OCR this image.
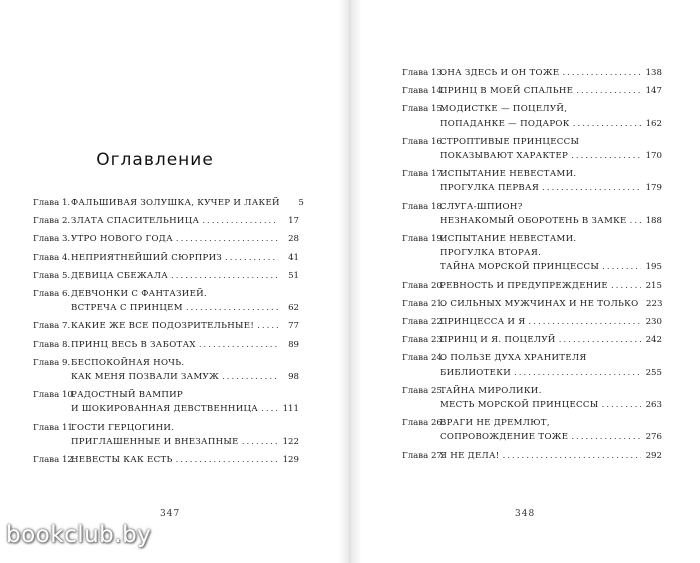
Оглавление
Глава 1. ФАЛЬШИВАЯ ЗОЛУШКА, КУЧЕР И ЛАКЕЙ	5
Глава 2. ЗЛАТА СПАСИТЕЛЬНИЦА .....	17
Глава 3. УТРО НОВОГО ГОДА .....	28
Глава 4. НЕПРИЯТНЕЙШИЙ СЮРПРИЗ .....	41
Глава 5. ДЕВИЦА СБЕЖАЛА .....	51
Глава 6. ДЕВЧОНКИ С ФАНТАЗИЕЙ.
ВСТРЕЧА С ПРИНЦЕМ .....	62
Глава 7. КАКИЕ ЖЕ ВСЕ ПОДОЗРИТЕЛЬНЫЕ! .....	77
Глава 8. ПРИНЦ ВЕСЬ В ЗАБОТАХ .....	89
Глава 9. БЕСПОКОЙНАЯ НОЧЬ.
КАК МЕНЯ ПОЗВАЛИ ЗАМУЖ .....	98
Глава 10.
РАДОСТНЫЙ ВАМПИР
И ШОКИРОВАННАЯ ДЕВСТВЕННИЦА .....	111
Глава 11.
ГОСТИ ГЕРЦОГИНИ.
ПРИГЛАШЕННЫЕ И ВНЕЗАПНЫЕ .....	122
Глава 12.
НЕВЕСТЫ КАК ЕСТЬ .....	129
347
Глава 13.
ОНА ЗДЕСЬ И ОН ТОЖЕ .....	138
Глава 14.
ПРИНЦ В МОЕЙ СПАЛЬНЕ .....	147
Глава 15.
МОДИСТКЕ — ПОЦЕЛУЙ,
ПОПАДАНКЕ — ПОДАРОК .....	162
Глава 16.
СТРОПТИВЫЕ ПРИНЦЕССЫ
ПОКАЗЫВАЮТ ХАРАКТЕР .....	170
Глава 17.
ИСПЫТАНИЕ НЕВЕСТАМИ.
ПРОГУЛКА ПЕРВАЯ .....	179
Глава 18.
СЛУГА-ШПИОН?
НЕЗНАКОМЫЙ ОБОРОТЕНЬ В ЗАМКЕ ..... 188
Глава 19.
ИСПЫТАНИЕ НЕВЕСТАМИ.
ПРОГУЛКА ВТОРАЯ.
ТАЙНА МОРСКОЙ ПРИНЦЕССЫ .....	195
Глава 20.
РЕВНОСТЬ И ПРЕДУПРЕЖДЕНИЕ .....	215
Глава 21.
О СИЛЬНЫХ МУЖЧИНАХ И НЕ ТОЛЬКО 223
Глава 22.
ПРИНЦЕССА И Я .....	230
Глава 23.
ПРИНЦ И Я. ПОЦЕЛУЙ .....	242
Глава 24.
О ПОЛЬЗЕ ДУХА ХРАНИТЕЛЯ
БИБЛИОТЕКИ .....	255
Глава 25.
ТАЙНА МИРОЛИКИ.
МЕСТЬ МОРСКОЙ ПРИНЦЕССЫ .....	263
Глава 26.
ВРАГИ НЕ ДРЕМЛЮТ,
СОПРОВОЖДЕНИЕ ТОЖЕ .....	276
Глава 27.
Я НЕ ДЕЛА! .....	292
348
bookclub.by
